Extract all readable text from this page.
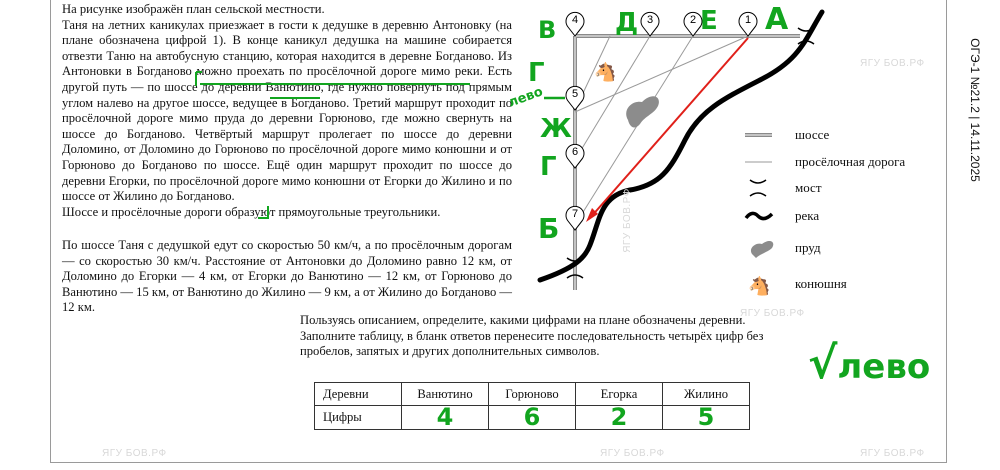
На рисунке изображён план сельской местности.

Таня на летних каникулах приезжает в гости к дедушке в деревню Антоновку (на плане обозначена цифрой 1). В конце каникул дедушка на машине собирается отвезти Таню на автобусную станцию, которая находится в деревне Богданово. Из Антоновки в Богданово можно проехать по просёлочной дороге мимо реки. Есть другой путь — по шоссе до деревни Ванютино, где нужно повернуть под прямым углом налево на другое шоссе, ведущее в Богданово. Третий маршрут проходит по просёлочной дороге мимо пруда до деревни Горюново, где можно свернуть на шоссе до Богданово. Четвёртый маршрут пролегает по шоссе до деревни Доломино, от Доломино до Горюново по просёлочной дороге мимо конюшни и от Горюново до Богданово по шоссе. Ещё один маршрут проходит по шоссе до деревни Егорки, по просёлочной дороге мимо конюшни от Егорки до Жилино и по шоссе от Жилино до Богданово.

Шоссе и просёлочные дороги образуют прямоугольные треугольники.

По шоссе Таня с дедушкой едут со скоростью 50 км/ч, а по просёлочным дорогам — со скоростью 30 км/ч. Расстояние от Антоновки до Доломино равно 12 км, от Доломино до Егорки — 4 км, от Егорки до Ванютино — 12 км, от Горюново до Ванютино — 15 км, от Ванютино до Жилино — 9 км, а от Жилино до Богданово — 12 км.

Пользуясь описанием, определите, какими цифрами на плане обозначены деревни.

Заполните таблицу, в бланк ответов перенесите последовательность четырёх цифр без пробелов, запятых и других дополнительных символов.

Деревни	Ванютино	Горюново	Егорка	Жилино
Цифры	4	6	2	5
🐴
1
2
3
4
5
6
7
🐴
шоссе
просёлочная дорога
мост
река
пруд
конюшня
В Д Е А
Г
лево
Ж
Г
Б
√лево
ОГЭ-1 №21.2 | 14.11.2025
ЯГУ БОВ.РФ
ЯГУ БОВ.РФ
ЯГУ БОВ.РФ	ЯГУ БОВ.РФ
ЯГУ БОВ.РФ
ЯГУ БОВ.РФ
